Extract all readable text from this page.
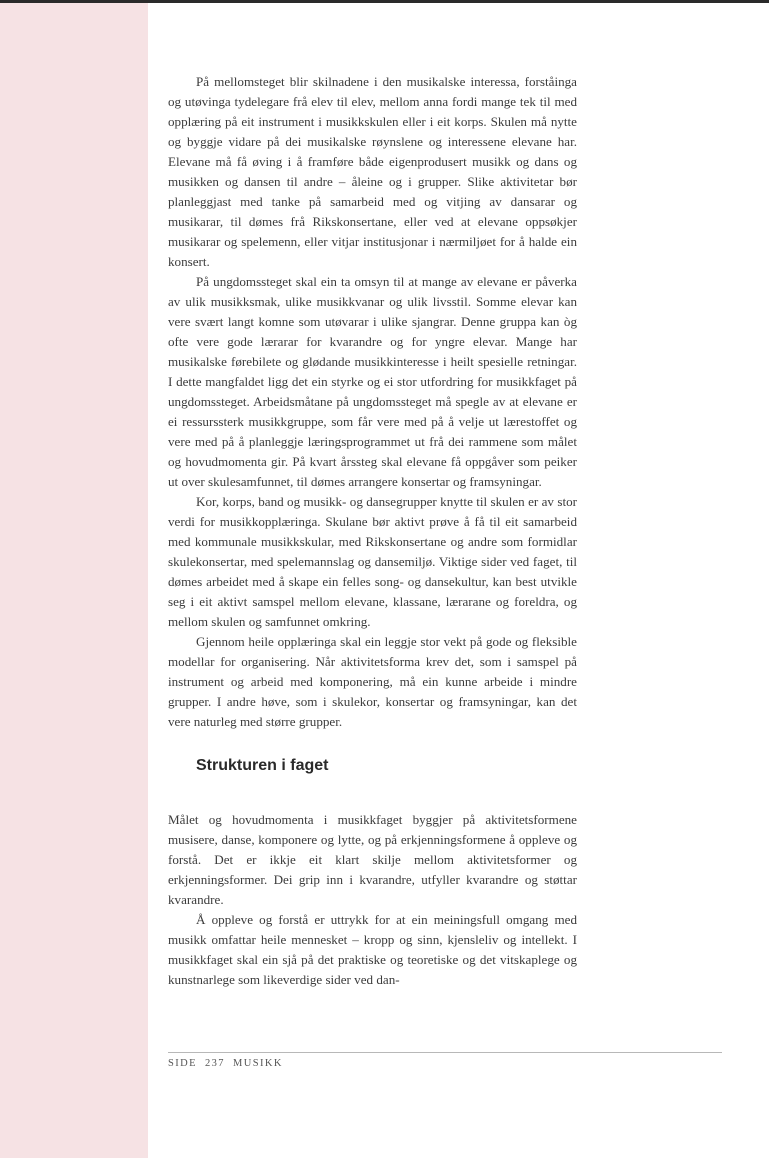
På mellomsteget blir skilnadene i den musikalske interessa, forståinga og utøvinga tydelegare frå elev til elev, mellom anna fordi mange tek til med opplæring på eit instrument i musikkskulen eller i eit korps. Skulen må nytte og byggje vidare på dei musikalske røynslene og interessene elevane har. Elevane må få øving i å framføre både eigenprodusert musikk og dans og musikken og dansen til andre – åleine og i grupper. Slike aktivitetar bør planleggjast med tanke på samarbeid med og vitjing av dansarar og musikarar, til dømes frå Rikskonsertane, eller ved at elevane oppsøkjer musikarar og spelemenn, eller vitjar institusjonar i nærmiljøet for å halde ein konsert.

På ungdomssteget skal ein ta omsyn til at mange av elevane er påverka av ulik musikksmak, ulike musikkvanar og ulik livsstil. Somme elevar kan vere svært langt komne som utøvarar i ulike sjangrar. Denne gruppa kan òg ofte vere gode lærarar for kvarandre og for yngre elevar. Mange har musikalske førebilete og glødande musikkinteresse i heilt spesielle retningar. I dette mangfaldet ligg det ein styrke og ei stor utfordring for musikkfaget på ungdomssteget. Arbeidsmåtane på ungdomssteget må spegle av at elevane er ei ressurssterk musikkgruppe, som får vere med på å velje ut lærestoffet og vere med på å planleggje læringsprogrammet ut frå dei rammene som målet og hovudmomenta gir. På kvart årssteg skal elevane få oppgåver som peiker ut over skulesamfunnet, til dømes arrangere konsertar og framsyningar.

Kor, korps, band og musikk- og dansegrupper knytte til skulen er av stor verdi for musikkopplæringa. Skulane bør aktivt prøve å få til eit samarbeid med kommunale musikkskular, med Rikskonsertane og andre som formidlar skulekonsertar, med spelemannslag og dansemiljø. Viktige sider ved faget, til dømes arbeidet med å skape ein felles song- og dansekultur, kan best utvikle seg i eit aktivt samspel mellom elevane, klassane, lærarane og foreldra, og mellom skulen og samfunnet omkring.

Gjennom heile opplæringa skal ein leggje stor vekt på gode og fleksible modellar for organisering. Når aktivitetsforma krev det, som i samspel på instrument og arbeid med komponering, må ein kunne arbeide i mindre grupper. I andre høve, som i skulekor, konsertar og framsyningar, kan det vere naturleg med større grupper.

Strukturen i faget

Målet og hovudmomenta i musikkfaget byggjer på aktivitetsformene musisere, danse, komponere og lytte, og på erkjenningsformene å oppleve og forstå. Det er ikkje eit klart skilje mellom aktivitetsformer og erkjenningsformer. Dei grip inn i kvarandre, utfyller kvarandre og støttar kvarandre.

Å oppleve og forstå er uttrykk for at ein meiningsfull omgang med musikk omfattar heile mennesket – kropp og sinn, kjensleliv og intellekt. I musikkfaget skal ein sjå på det praktiske og teoretiske og det vitskaplege og kunstnarlege som likeverdige sider ved dan-

SIDE 237 MUSIKK
